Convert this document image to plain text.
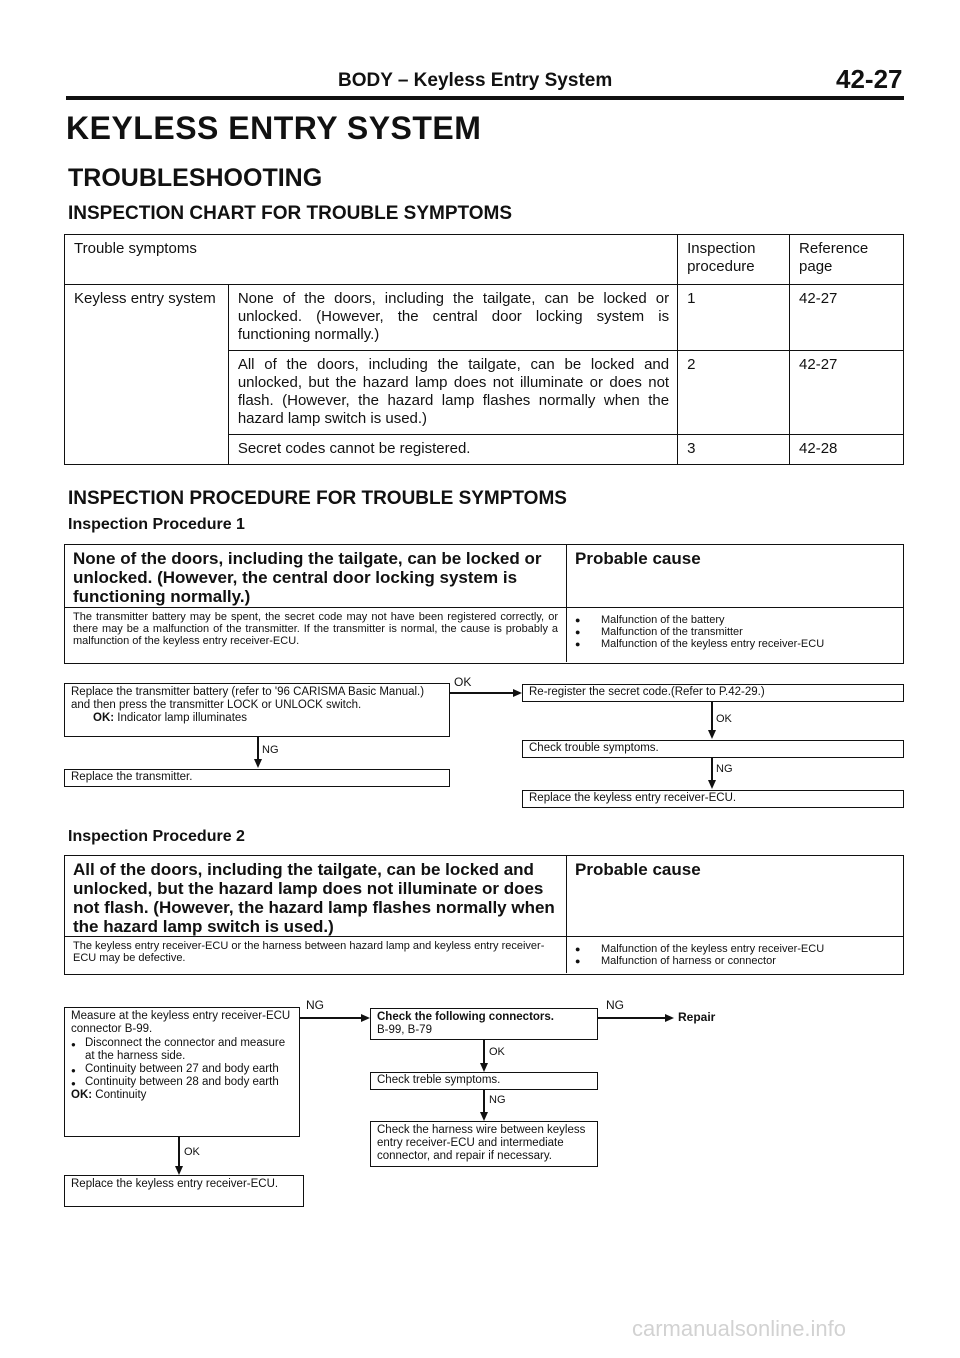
BODY – Keyless Entry System	42-27
KEYLESS ENTRY SYSTEM
TROUBLESHOOTING
INSPECTION CHART FOR TROUBLE SYMPTOMS
Trouble symptoms		Inspection procedure	Reference page
Keyless entry system	None of the doors, including the tailgate, can be locked or unlocked. (However, the central door locking system is functioning normally.)	1	42-27
	All of the doors, including the tailgate, can be locked and unlocked, but the hazard lamp does not illuminate or does not flash. (However, the hazard lamp flashes normally when the hazard lamp switch is used.)	2	42-27
	Secret codes cannot be registered.	3	42-28
INSPECTION PROCEDURE FOR TROUBLE SYMPTOMS
Inspection Procedure 1
None of the doors, including the tailgate, can be locked or unlocked. (However, the central door locking system is functioning normally.)
Probable cause
The transmitter battery may be spent, the secret code may not have been registered correctly, or there may be a malfunction of the transmitter. If the transmitter is normal, the cause is probably a malfunction of the keyless entry receiver-ECU.
● Malfunction of the battery
● Malfunction of the transmitter
● Malfunction of the keyless entry receiver-ECU
Replace the transmitter battery (refer to '96 CARISMA Basic Manual.) and then press the transmitter LOCK or UNLOCK switch.
OK: Indicator lamp illuminates
OK
Re-register the secret code.(Refer to P.42-29.)
OK
Check trouble symptoms.
NG
Replace the keyless entry receiver-ECU.
NG
Replace the transmitter.
Inspection Procedure 2
All of the doors, including the tailgate, can be locked and unlocked, but the hazard lamp does not illuminate or does not flash. (However, the hazard lamp flashes normally when the hazard lamp switch is used.)
Probable cause
The keyless entry receiver-ECU or the harness between hazard lamp and keyless entry receiver-ECU may be defective.
● Malfunction of the keyless entry receiver-ECU
● Malfunction of harness or connector
Measure at the keyless entry receiver-ECU connector B-99.
● Disconnect the connector and measure at the harness side.
● Continuity between 27 and body earth
● Continuity between 28 and body earth
OK: Continuity
NG
Check the following connectors.
B-99, B-79
NG
Repair
OK
Check treble symptoms.
NG
Check the harness wire between keyless entry receiver-ECU and intermediate connector, and repair if necessary.
OK
Replace the keyless entry receiver-ECU.
carmanualsonline.info
